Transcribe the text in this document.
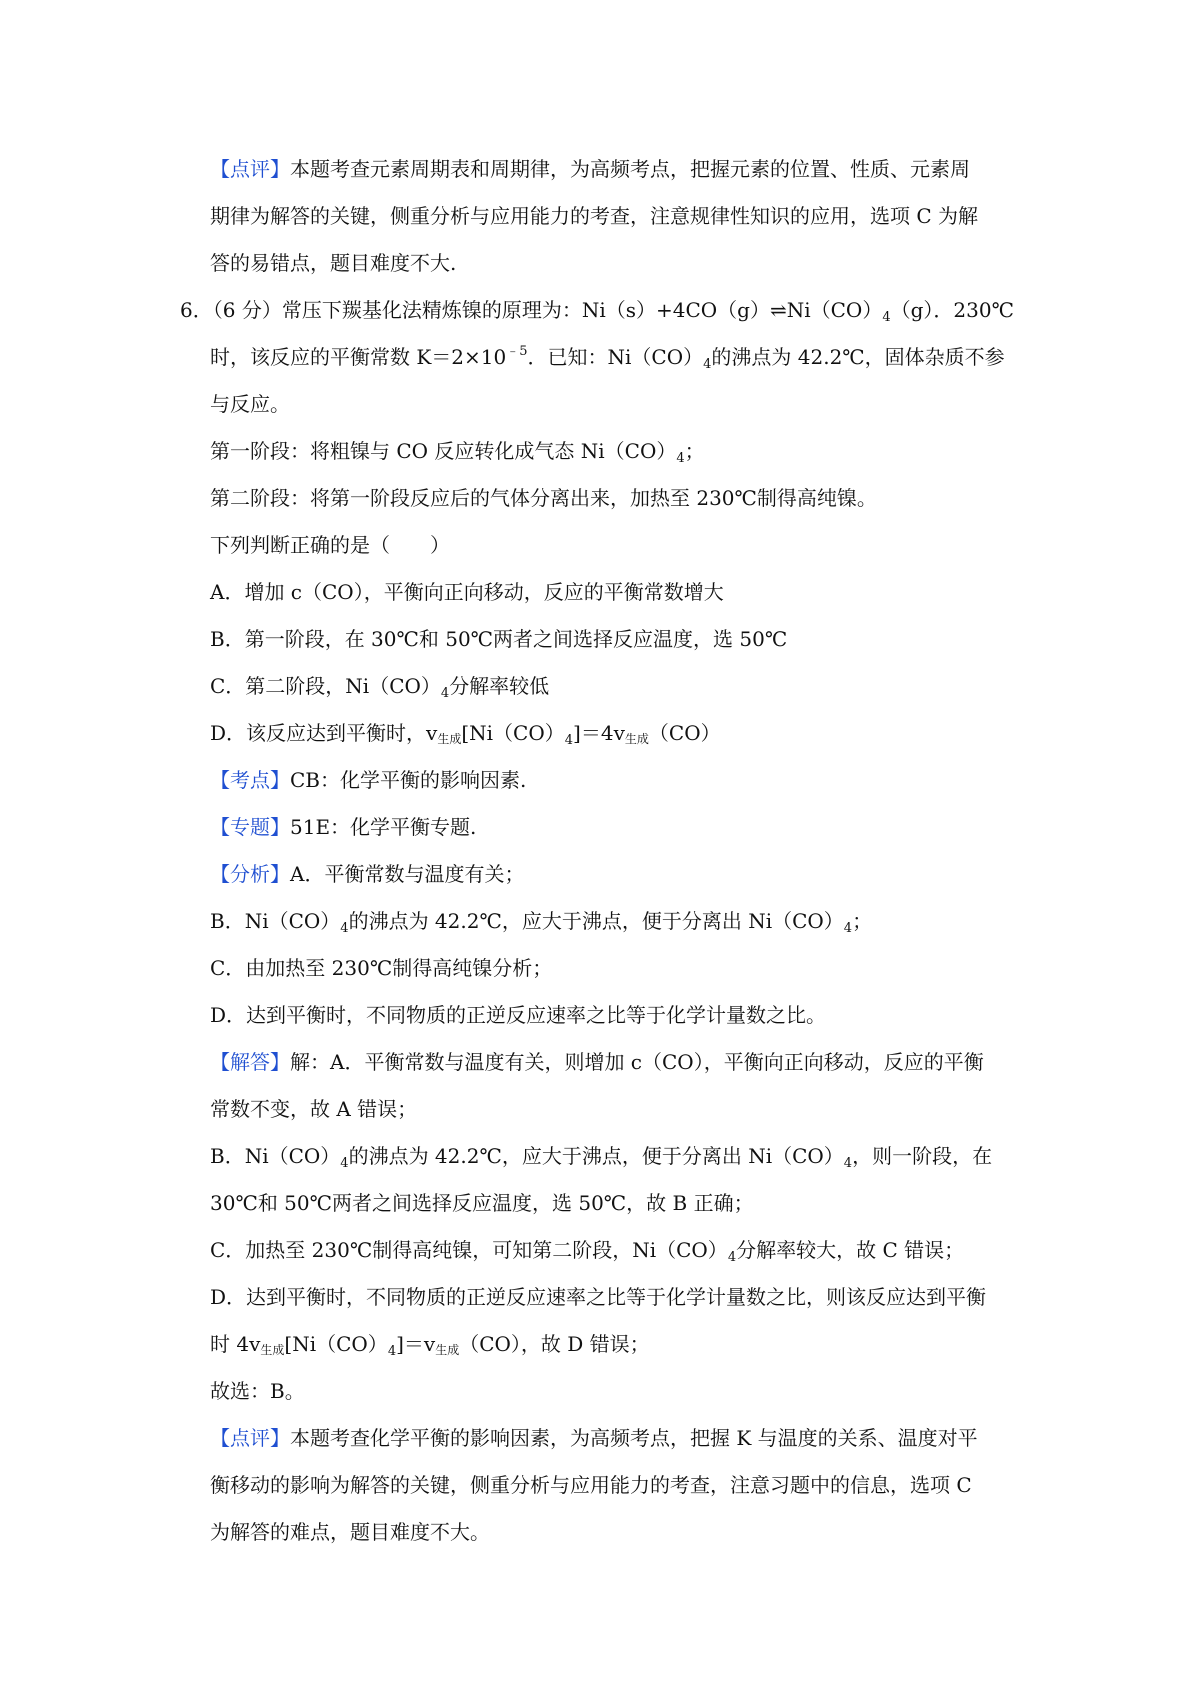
【点评】本题考查元素周期表和周期律，为高频考点，把握元素的位置、性质、元素周
期律为解答的关键，侧重分析与应用能力的考查，注意规律性知识的应用，选项 C 为解
答的易错点，题目难度不大.
6．（6 分）常压下羰基化法精炼镍的原理为：$Ni(s)+4CO(g)\rightleftharpoons Ni(CO)_4(g)$．230℃
时，该反应的平衡常数 $K=2\times 10^{﹣5}$．已知：$Ni(CO)_4$的沸点为 42.2℃，固体杂质不参
与反应。
第一阶段：将粗镍与 CO 反应转化成气态 $Ni(CO)_4$；
第二阶段：将第一阶段反应后的气体分离出来，加热至 230℃制得高纯镍。
下列判断正确的是（　　）
A．增加 c（CO），平衡向正向移动，反应的平衡常数增大
B．第一阶段，在 30℃和 50℃两者之间选择反应温度，选 50℃
C．第二阶段，$Ni(CO)_4$分解率较低
D．该反应达到平衡时，v生成$[Ni(CO)_4]=4v$生成（CO）
【考点】CB：化学平衡的影响因素.
【专题】51E：化学平衡专题.
【分析】A．平衡常数与温度有关；
B．$Ni(CO)_4$的沸点为 42.2℃，应大于沸点，便于分离出 $Ni(CO)_4$；
C．由加热至 230℃制得高纯镍分析；
D．达到平衡时，不同物质的正逆反应速率之比等于化学计量数之比。
【解答】解：A．平衡常数与温度有关，则增加 c（CO），平衡向正向移动，反应的平衡
常数不变，故 A 错误；
B．$Ni(CO)_4$的沸点为 42.2℃，应大于沸点，便于分离出 $Ni(CO)_4$，则一阶段，在
30℃和 50℃两者之间选择反应温度，选 50℃，故 B 正确；
C．加热至 230℃制得高纯镍，可知第二阶段，$Ni(CO)_4$分解率较大，故 C 错误；
D．达到平衡时，不同物质的正逆反应速率之比等于化学计量数之比，则该反应达到平衡
时 4v生成$[Ni(CO)_4]=v$生成（CO），故 D 错误；
故选：B。
【点评】本题考查化学平衡的影响因素，为高频考点，把握 K 与温度的关系、温度对平
衡移动的影响为解答的关键，侧重分析与应用能力的考查，注意习题中的信息，选项 C
为解答的难点，题目难度不大。
